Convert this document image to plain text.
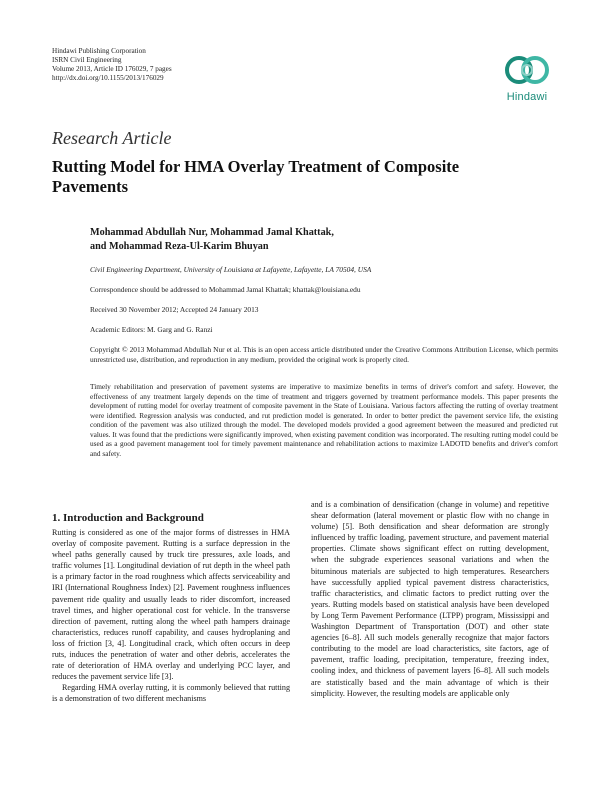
Hindawi Publishing Corporation
ISRN Civil Engineering
Volume 2013, Article ID 176029, 7 pages
http://dx.doi.org/10.1155/2013/176029
Hindawi
Research Article
Rutting Model for HMA Overlay Treatment of Composite Pavements
Mohammad Abdullah Nur, Mohammad Jamal Khattak,
and Mohammad Reza-Ul-Karim Bhuyan
Civil Engineering Department, University of Louisiana at Lafayette, Lafayette, LA 70504, USA
Correspondence should be addressed to Mohammad Jamal Khattak; khattak@louisiana.edu
Received 30 November 2012; Accepted 24 January 2013
Academic Editors: M. Garg and G. Ranzi
Copyright © 2013 Mohammad Abdullah Nur et al. This is an open access article distributed under the Creative Commons Attribution License, which permits unrestricted use, distribution, and reproduction in any medium, provided the original work is properly cited.
Timely rehabilitation and preservation of pavement systems are imperative to maximize benefits in terms of driver's comfort and safety. However, the effectiveness of any treatment largely depends on the time of treatment and triggers governed by treatment performance models. This paper presents the development of rutting model for overlay treatment of composite pavement in the State of Louisiana. Various factors affecting the rutting of overlay treatment were identified. Regression analysis was conducted, and rut prediction model is generated. In order to better predict the pavement service life, the existing condition of the pavement was also utilized through the model. The developed models provided a good agreement between the measured and predicted rut values. It was found that the predictions were significantly improved, when existing pavement condition was incorporated. The resulting rutting model could be used as a good pavement management tool for timely pavement maintenance and rehabilitation actions to maximize LADOTD benefits and driver's comfort and safety.
1. Introduction and Background

Rutting is considered as one of the major forms of distresses in HMA overlay of composite pavement. Rutting is a surface depression in the wheel paths generally caused by truck tire pressures, axle loads, and traffic volumes [1]. Longitudinal deviation of rut depth in the wheel path is a primary factor in the road roughness which affects serviceability and IRI (International Roughness Index) [2]. Pavement roughness influences pavement ride quality and usually leads to rider discomfort, increased travel times, and higher operational cost for vehicle. In the transverse direction of pavement, rutting along the wheel path hampers drainage characteristics, reduces runoff capability, and causes hydroplaning and loss of friction [3, 4]. Longitudinal crack, which often occurs in deep ruts, induces the penetration of water and other debris, accelerates the rate of deterioration of HMA overlay and underlying PCC layer, and reduces the pavement service life [3].

Regarding HMA overlay rutting, it is commonly believed that rutting is a demonstration of two different mechanisms

and is a combination of densification (change in volume) and repetitive shear deformation (lateral movement or plastic flow with no change in volume) [5]. Both densification and shear deformation are strongly influenced by traffic loading, pavement structure, and pavement material properties. Climate shows significant effect on rutting development, when the subgrade experiences seasonal variations and when the bituminous materials are subjected to high temperatures. Researchers have successfully applied typical pavement distress characteristics, traffic characteristics, and climatic factors to predict rutting over the years. Rutting models based on statistical analysis have been developed by Long Term Pavement Performance (LTPP) program, Mississippi and Washington Department of Transportation (DOT) and other state agencies [6–8]. All such models generally recognize that major factors contributing to the model are load characteristics, site factors, age of pavement, traffic loading, precipitation, temperature, freezing index, cooling index, and thickness of pavement layers [6–8]. All such models are statistically based and the main advantage of which is their simplicity. However, the resulting models are applicable only
